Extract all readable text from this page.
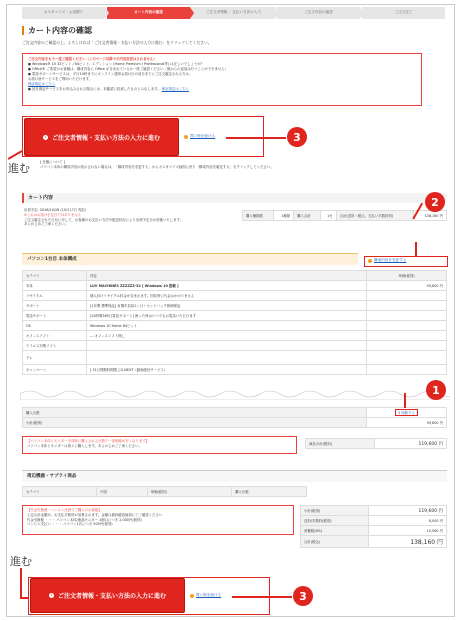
カスタマイズ・お見積り	カート内容の確認	ご注文者情報・ 支払い方法の入力	ご注文内容の確認	ご注文完了
カート内容の確認
ご注文内容のご確認の上、よろしければ「ご注文者情報・支払い方法の入力に進む」をクリックしてください。
ご注文内容をもう一度ご確認ください（このページ以降での内容変更はされません）
● Windows® 10 32ビット / 64ビット、エディション (Home Premium / Professional等) は正しいでしょうか？
● Office® ご希望のお客様は、構成内容に Office が含まれているか一度ご確認ください（後からの追加は行うことができません）
● 電話サポートサービスは、平日10時までにオンライン通常お届け日の前日までにご注文確定される方は、
お届け前サービスをご利用いただけます。
保証規定はこちら
● 延長保証サービスをお申込みされる場合には、本確認に同意したものとみなします。 保証規定はこちら
ご注文者情報・支払い方法の入力に進む	買い物を続ける	3
進む	[ 仕様について ]
パソコン本体の構成内容が表示されない場合は、「構成内容を変更する」からカスタマイズ画面に戻り「構成内容を確定する」をクリックしてください。
カート内容
出荷予定: 2016/10/28 (10月17日 現在)
※これはお届け予定日ではありません
ご注文確定された日付に対して、お客様のお支払い方法や配送状況により出荷予定日が前後いたします。
あらかじめご了承ください。
購入種類数	1種類	購入合計	1台	合計(送料・税込、支払い手数料別)	138,160 円
構成内容を変更する
2
パソコン1台目 本体構成
カテゴリ	内容	単価(税別)
本体	LUV MACHINES ZZZZZZ-32 [ Windows 10 搭載 ]	59,800 円
リサイクル	個人向けリサイクル料金が含まれます。回収時に代金はかかりません	
サポート	[1年間 標準保証] 有償年負担1ヶ月＋センドバック修理保証	
電話サポート	[24時間365日電話サポート] 困った時はいつでもお電話いただけます	
OS	Windows 10 Home 64ビット	
オフィスソフト	--- オフィスソフト無し	
ウイルス対策ソフト		
プレ		
キャンペーン	[ 31日間無料期限 ] G-NEXT（動画配信サービス）	
購入台数	1 削除する
小計(税別)	59,800 円
1
【パソコン本体とモニターを同時に購入される台数で一部価格が安くなります】
パソコン本体とモニターは別々に購入します。あらかじめご了承ください。	商品小計(税別)	119,600 円
周辺機器・サプライ商品
カテゴリ	内容	単価(税別)	購入台数
【代金引換便・コンビニ決済でご購入のお客様】
上記合計金額が、お支払手数料が加算されます。金額は最終確認画面にてご確認ください
代金引換便 ・・・ パソコン本体/液晶モニター 1個口につき 2,000円(税別)
コンビニ支払い ・・・ パソコン1台につき 500円(税別)
小計(税別)	119,600 円
送料/手数料(税別)	8,000 円
消費税(8%)	10,560 円
合計(税込)	138,160 円
進む
ご注文者情報・支払い方法の入力に進む	買い物を続ける	3
